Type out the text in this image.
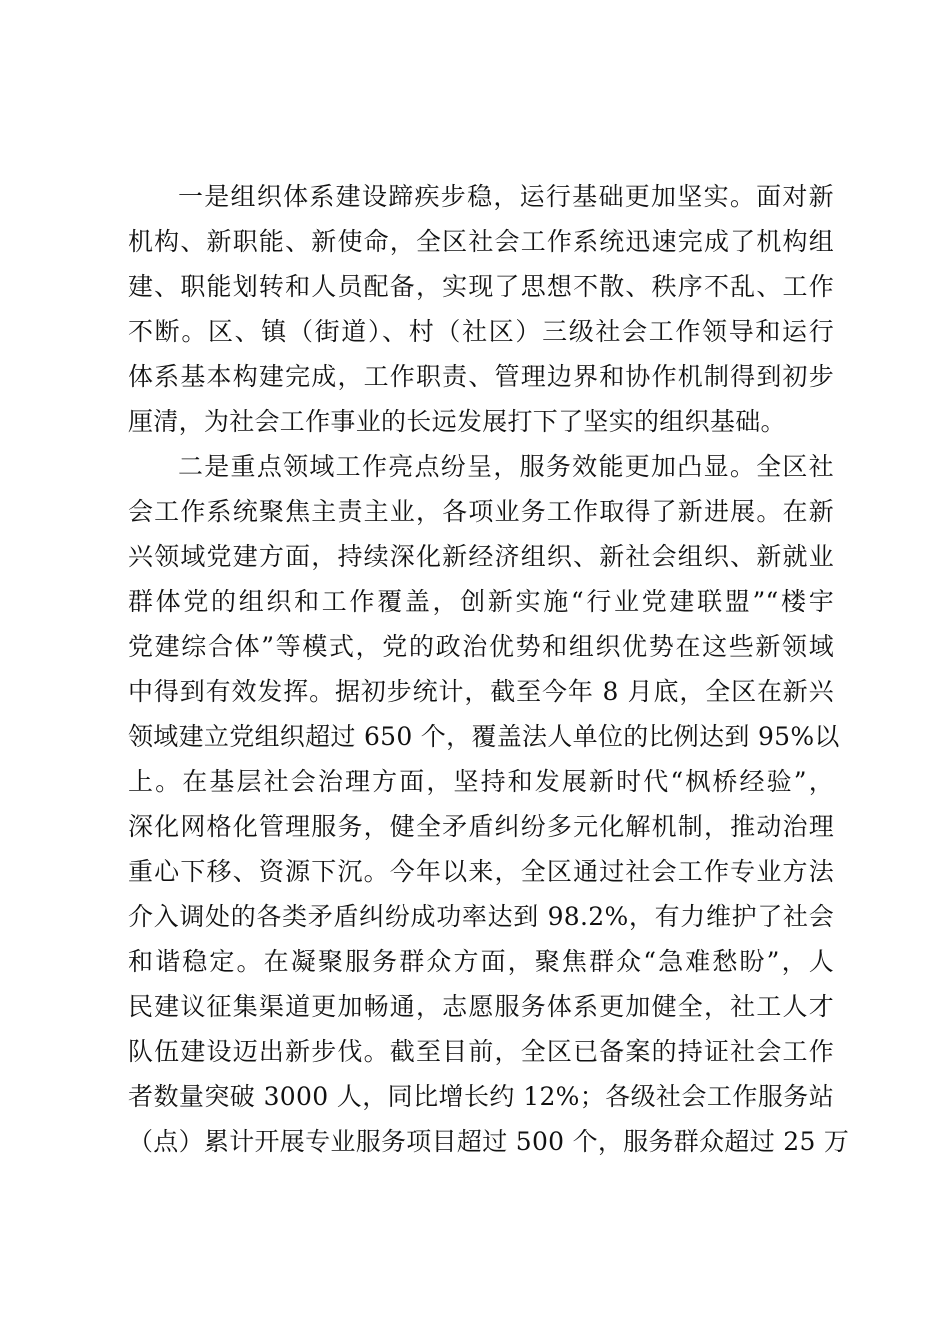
一是组织体系建设蹄疾步稳，运行基础更加坚实。面对新
机构、新职能、新使命，全区社会工作系统迅速完成了机构组
建、职能划转和人员配备，实现了思想不散、秩序不乱、工作
不断。区、镇（街道）、村（社区）三级社会工作领导和运行
体系基本构建完成，工作职责、管理边界和协作机制得到初步
厘清，为社会工作事业的长远发展打下了坚实的组织基础。
二是重点领域工作亮点纷呈，服务效能更加凸显。全区社
会工作系统聚焦主责主业，各项业务工作取得了新进展。在新
兴领域党建方面，持续深化新经济组织、新社会组织、新就业
群体党的组织和工作覆盖，创新实施“行业党建联盟”“楼宇
党建综合体”等模式，党的政治优势和组织优势在这些新领域
中得到有效发挥。据初步统计，截至今年 8 月底，全区在新兴
领域建立党组织超过 650 个，覆盖法人单位的比例达到 95%以
上。在基层社会治理方面，坚持和发展新时代“枫桥经验”，
深化网格化管理服务，健全矛盾纠纷多元化解机制，推动治理
重心下移、资源下沉。今年以来，全区通过社会工作专业方法
介入调处的各类矛盾纠纷成功率达到 98.2%，有力维护了社会
和谐稳定。在凝聚服务群众方面，聚焦群众“急难愁盼”，人
民建议征集渠道更加畅通，志愿服务体系更加健全，社工人才
队伍建设迈出新步伐。截至目前，全区已备案的持证社会工作
者数量突破 3000 人，同比增长约 12%；各级社会工作服务站
（点）累计开展专业服务项目超过 500 个，服务群众超过 25 万
